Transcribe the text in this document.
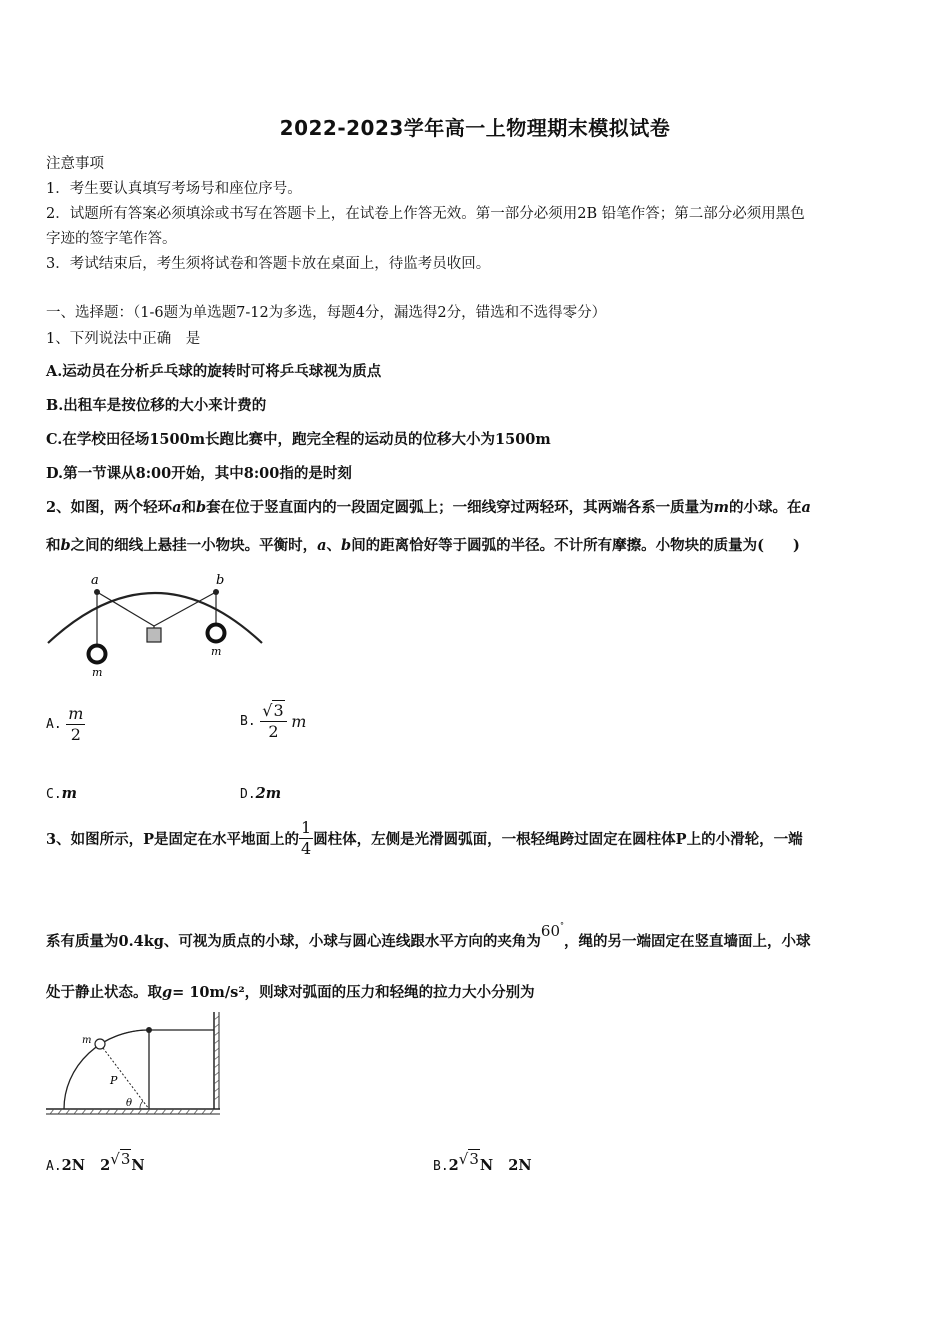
2022-2023学年高一上物理期末模拟试卷
注意事项
1．考生要认真填写考场号和座位序号。
2．试题所有答案必须填涂或书写在答题卡上，在试卷上作答无效。第一部分必须用2B 铅笔作答；第二部分必须用黑色
字迹的签字笔作答。
3．考试结束后，考生须将试卷和答题卡放在桌面上，待监考员收回。
一、选择题：（1-6题为单选题7-12为多选，每题4分，漏选得2分，错选和不选得零分）
1、下列说法中正确　是
A.运动员在分析乒乓球的旋转时可将乒乓球视为质点
B.出租车是按位移的大小来计费的
C.在学校田径场1500m长跑比赛中，跑完全程的运动员的位移大小为1500m
D.第一节课从8:00开始，其中8:00指的是时刻
2、如图，两个轻环a和b套在位于竖直面内的一段固定圆弧上；一细线穿过两轻环，其两端各系一质量为m的小球。在a
和b之间的细线上悬挂一小物块。平衡时，a、b间的距离恰好等于圆弧的半径。不计所有摩擦。小物块的质量为(　　)
a	b
m
m
A. $\frac{m}{2}$	B. $\frac{√3}{2}$ m
C.m	D.2m
3、如图所示，P是固定在水平地面上的 $\frac{1}{4}$ 圆柱体，左侧是光滑圆弧面，一根轻绳跨过固定在圆柱体P上的小滑轮，一端
系有质量为0.4kg、可视为质点的小球，小球与圆心连线跟水平方向的夹角为60°，绳的另一端固定在竖直墙面上，小球
处于静止状态。取g= 10m/s²，则球对弧面的压力和轻绳的拉力大小分别为
m
P
θ
A.2N 2√3N	B.2√3N 2N
